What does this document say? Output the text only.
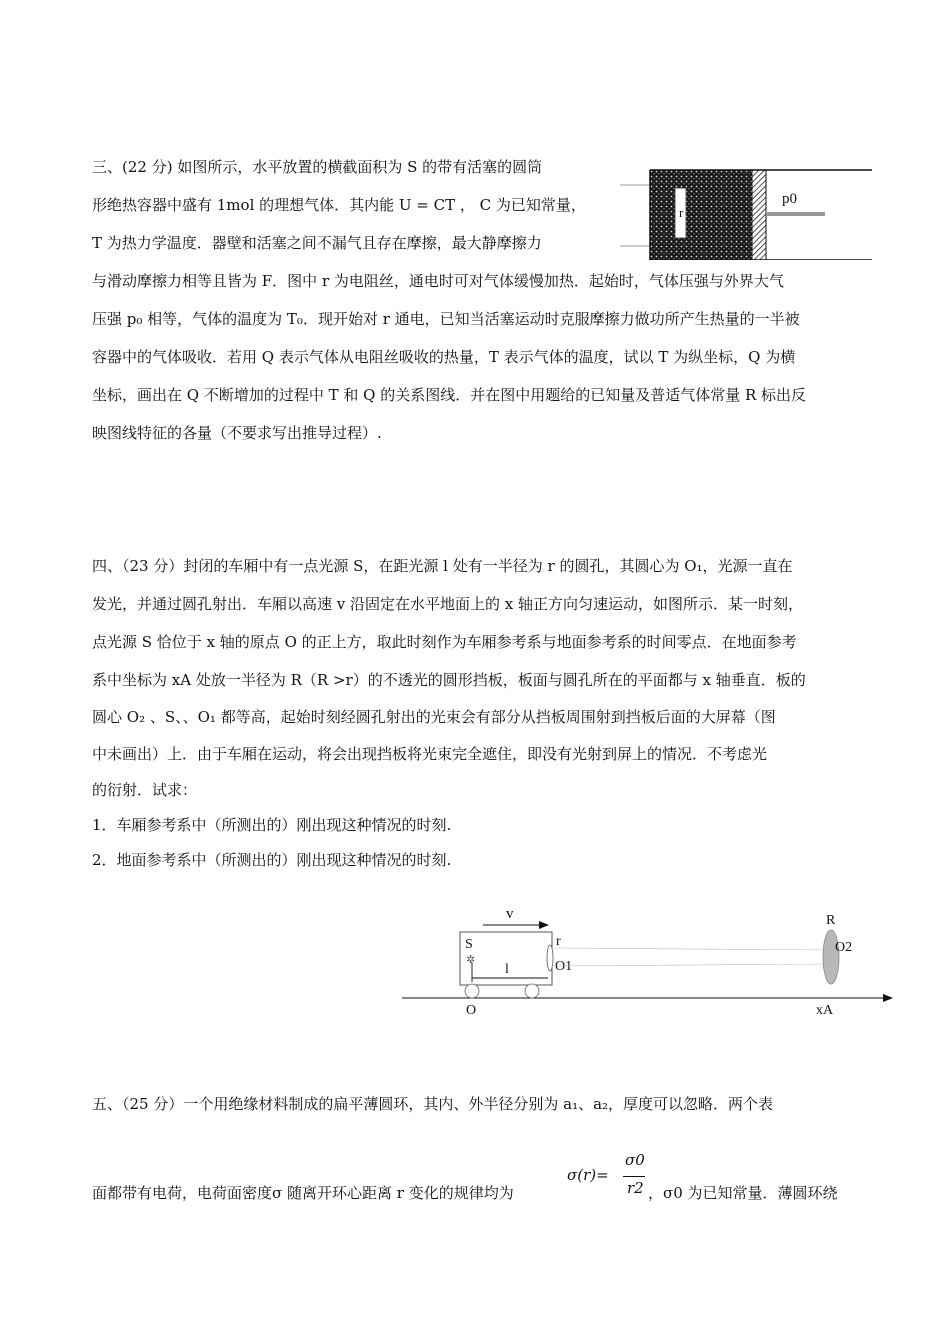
三、(22 分) 如图所示，水平放置的横截面积为 S 的带有活塞的圆筒
形绝热容器中盛有 1mol 的理想气体．其内能 U = CT ， C 为已知常量，
T 为热力学温度．器壁和活塞之间不漏气且存在摩擦，最大静摩擦力
与滑动摩擦力相等且皆为 F．图中 r 为电阻丝，通电时可对气体缓慢加热．起始时，气体压强与外界大气
压强 p₀ 相等，气体的温度为 T₀．现开始对 r 通电，已知当活塞运动时克服摩擦力做功所产生热量的一半被
容器中的气体吸收．若用 Q 表示气体从电阻丝吸收的热量，T 表示气体的温度，试以 T 为纵坐标，Q 为横
坐标，画出在 Q 不断增加的过程中 T 和 Q 的关系图线．并在图中用题给的已知量及普适气体常量 R 标出反
映图线特征的各量（不要求写出推导过程）.
r
p0
四、（23 分）封闭的车厢中有一点光源 S，在距光源 l 处有一半径为 r 的圆孔，其圆心为 O₁，光源一直在
发光，并通过圆孔射出．车厢以高速 v 沿固定在水平地面上的 x 轴正方向匀速运动，如图所示．某一时刻，
点光源 S 恰位于 x 轴的原点 O 的正上方，取此时刻作为车厢参考系与地面参考系的时间零点．在地面参考
系中坐标为 xA 处放一半径为 R（R >r）的不透光的圆形挡板，板面与圆孔所在的平面都与 x 轴垂直．板的
圆心 O₂ 、S、、O₁ 都等高，起始时刻经圆孔射出的光束会有部分从挡板周围射到挡板后面的大屏幕（图
中未画出）上．由于车厢在运动，将会出现挡板将光束完全遮住，即没有光射到屏上的情况．不考虑光
的衍射．试求：
1．车厢参考系中（所测出的）刚出现这种情况的时刻.
2．地面参考系中（所测出的）刚出现这种情况的时刻.
v
S
✲
r
O1
l
R
O2
O	xA
五、（25 分）一个用绝缘材料制成的扁平薄圆环，其内、外半径分别为 a₁、a₂，厚度可以忽略．两个表
面都带有电荷，电荷面密度σ 随离开环心距离 r 变化的规律均为
σ(r)=
σ0
r2 ，σ0 为已知常量．薄圆环绕
